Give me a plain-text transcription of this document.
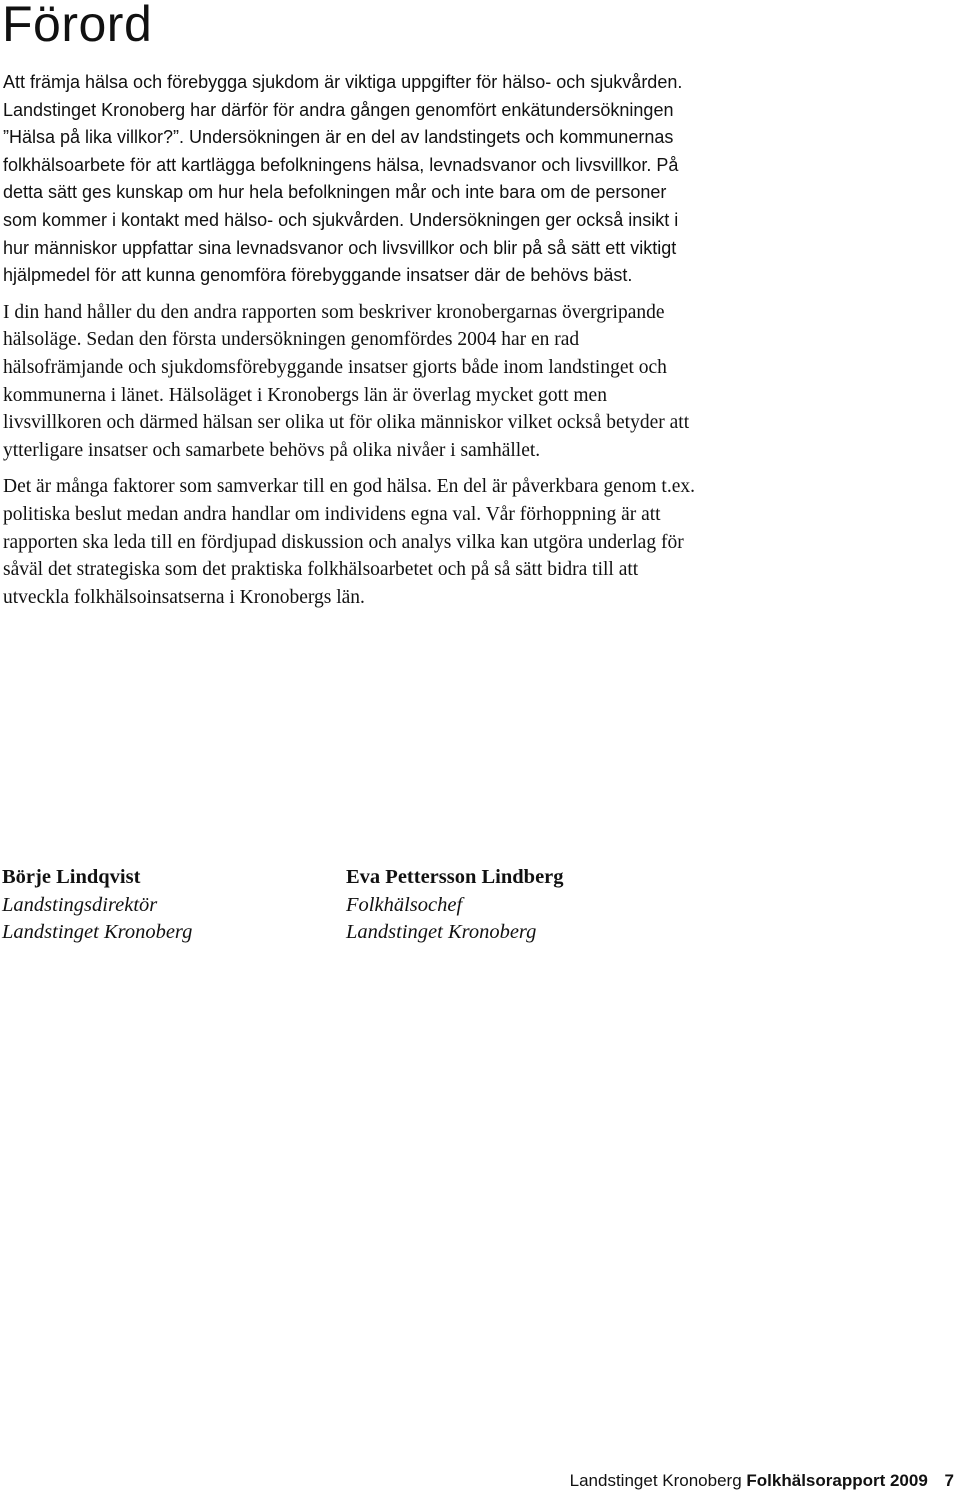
Förord

Att främja hälsa och förebygga sjukdom är viktiga uppgifter för hälso- och sjukvården. Landstinget Kronoberg har därför för andra gången genomfört enkätundersökningen ”Hälsa på lika villkor?”. Undersökningen är en del av landstingets och kommunernas folkhälsoarbete för att kartlägga befolkningens hälsa, levnadsvanor och livsvillkor. På detta sätt ges kunskap om hur hela befolkningen mår och inte bara om de personer som kommer i kontakt med hälso- och sjukvården. Undersökningen ger också insikt i hur människor uppfattar sina levnadsvanor och livsvillkor och blir på så sätt ett viktigt hjälpmedel för att kunna genomföra förebyggande insatser där de behövs bäst.

I din hand håller du den andra rapporten som beskriver kronobergarnas övergripande hälsoläge. Sedan den första undersökningen genomfördes 2004 har en rad hälsofrämjande och sjukdomsförebyggande insatser gjorts både inom landstinget och kommunerna i länet. Hälsoläget i Kronobergs län är överlag mycket gott men livsvillkoren och därmed hälsan ser olika ut för olika människor vilket också betyder att ytterligare insatser och samarbete behövs på olika nivåer i samhället.

Det är många faktorer som samverkar till en god hälsa. En del är påverkbara genom t.ex. politiska beslut medan andra handlar om individens egna val. Vår förhoppning är att rapporten ska leda till en fördjupad diskussion och analys vilka kan utgöra underlag för såväl det strategiska som det praktiska folkhälsoarbetet och på så sätt bidra till att utveckla folkhälsoinsatserna i Kronobergs län.

Börje Lindqvist
Landstingsdirektör
Landstinget Kronoberg
Eva Pettersson Lindberg
Folkhälsochef
Landstinget Kronoberg
Landstinget Kronoberg Folkhälsorapport 2009 7
